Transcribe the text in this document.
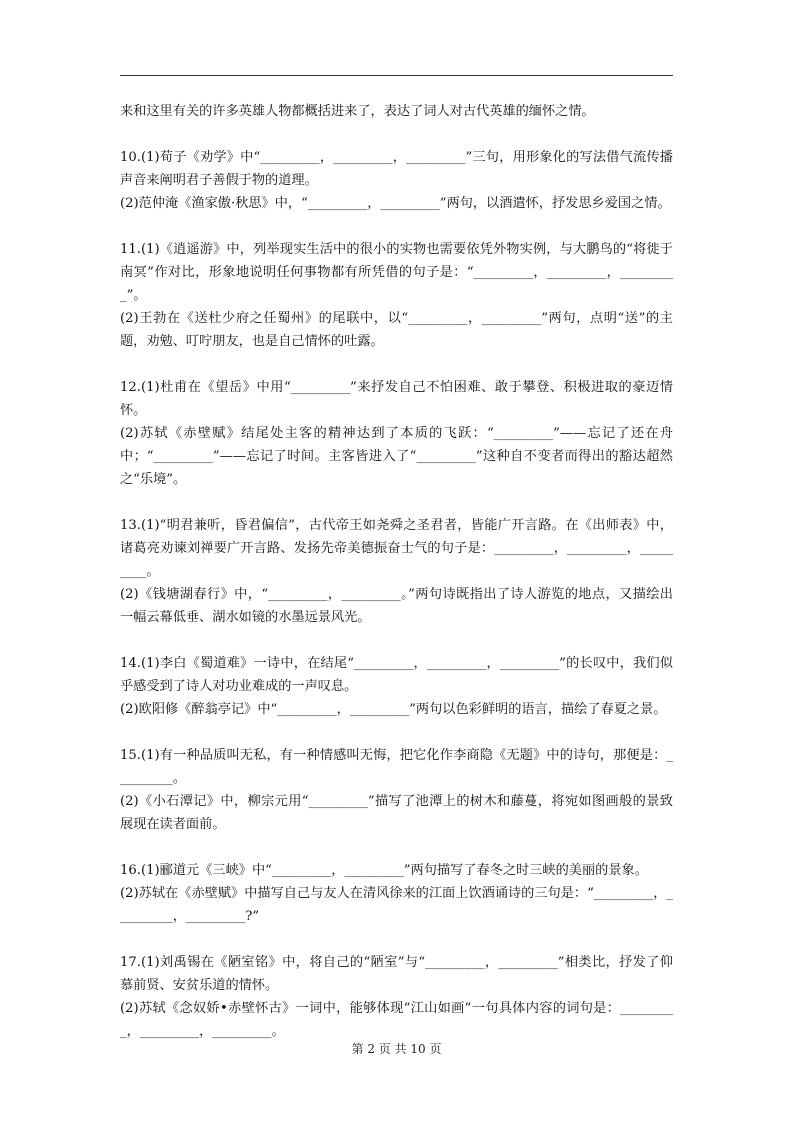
来和这里有关的许多英雄人物都概括进来了，表达了词人对古代英雄的缅怀之情。

10.(1)荀子《劝学》中“_________，_________，_________”三句，用形象化的写法借气流传播声音来阐明君子善假于物的道理。

(2)范仲淹《渔家傲·秋思》中，“_________，_________”两句，以酒遣怀，抒发思乡爱国之情。

11.(1)《逍遥游》中，列举现实生活中的很小的实物也需要依凭外物实例，与大鹏鸟的“将徙于南冥”作对比，形象地说明任何事物都有所凭借的句子是：“_________，_________，_________”。

(2)王勃在《送杜少府之任蜀州》的尾联中，以“_________，_________”两句，点明“送”的主题，劝勉、叮咛朋友，也是自己情怀的吐露。

12.(1)杜甫在《望岳》中用“_________”来抒发自己不怕困难、敢于攀登、积极进取的豪迈情怀。

(2)苏轼《赤壁赋》结尾处主客的精神达到了本质的飞跃：“_________”——忘记了还在舟中；“_________”——忘记了时间。主客皆进入了“_________”这种自不变者而得出的豁达超然之“乐境”。

13.(1)“明君兼听，昏君偏信”，古代帝王如尧舜之圣君者，皆能广开言路。在《出师表》中，诸葛亮劝谏刘禅要广开言路、发扬先帝美德振奋士气的句子是：_________，_________，_________。

(2)《钱塘湖春行》中，“_________，_________。”两句诗既指出了诗人游览的地点，又描绘出一幅云幕低垂、湖水如镜的水墨远景风光。

14.(1)李白《蜀道难》一诗中，在结尾“_________，_________，_________”的长叹中，我们似乎感受到了诗人对功业难成的一声叹息。

(2)欧阳修《醉翁亭记》中“_________，_________”两句以色彩鲜明的语言，描绘了春夏之景。

15.(1)有一种品质叫无私，有一种情感叫无悔，把它化作李商隐《无题》中的诗句，那便是：_________。

(2)《小石潭记》中，柳宗元用“_________”描写了池潭上的树木和藤蔓，将宛如图画般的景致展现在读者面前。

16.(1)郦道元《三峡》中“_________，_________”两句描写了春冬之时三峡的美丽的景象。

(2)苏轼在《赤壁赋》中描写自己与友人在清风徐来的江面上饮酒诵诗的三句是：“_________，_________，_________?”

17.(1)刘禹锡在《陋室铭》中，将自己的“陋室”与“_________，_________”相类比，抒发了仰慕前贤、安贫乐道的情怀。

(2)苏轼《念奴娇•赤壁怀古》一词中，能够体现“江山如画”一句具体内容的词句是：_________，_________，_________。

第 2 页 共 10 页
